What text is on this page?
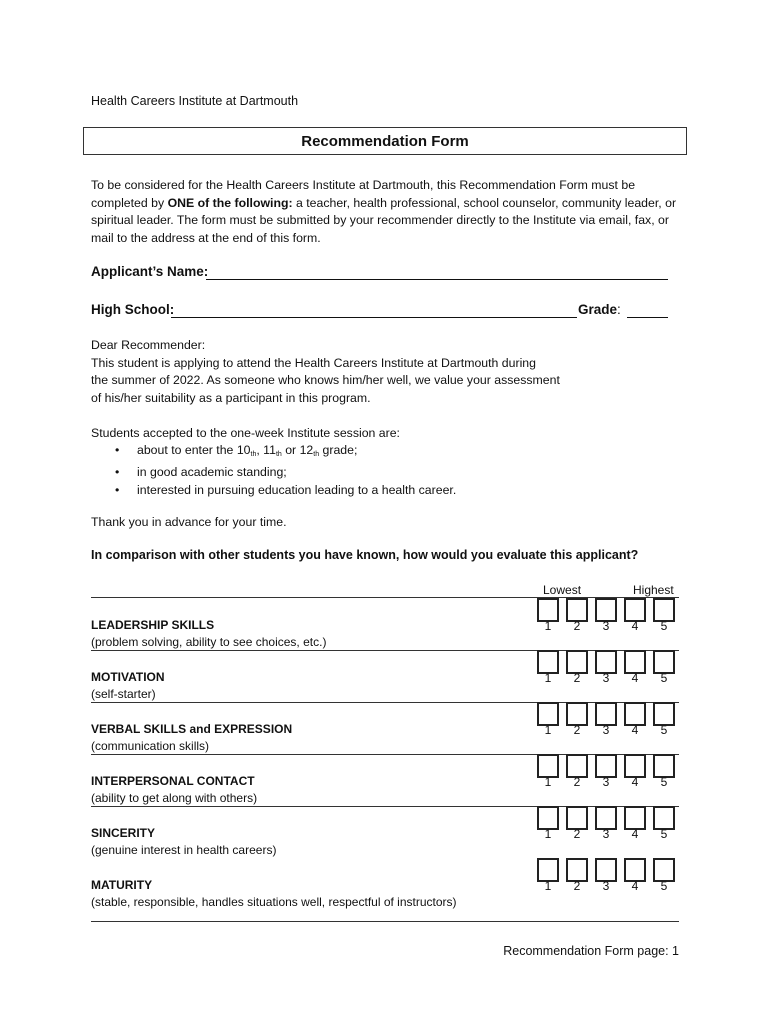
Health Careers Institute at Dartmouth
Recommendation Form
To be considered for the Health Careers Institute at Dartmouth, this Recommendation Form must be completed by ONE of the following: a teacher, health professional, school counselor, community leader, or spiritual leader. The form must be submitted by your recommender directly to the Institute via email, fax, or mail to the address at the end of this form.
Applicant’s Name:
High School:	Grade:
Dear Recommender:
This student is applying to attend the Health Careers Institute at Dartmouth during
the summer of 2022. As someone who knows him/her well, we value your assessment
of his/her suitability as a participant in this program.
Students accepted to the one-week Institute session are:
• about to enter the $10_{th}$, $11_{th}$ or $12_{th}$ grade;
• in good academic standing;
• interested in pursuing education leading to a health career.
Thank you in advance for your time.
In comparison with other students you have known, how would you evaluate this applicant?
Lowest	Highest
LEADERSHIP SKILLS
(problem solving, ability to see choices, etc.)
1 2 3 4 5
MOTIVATION
(self-starter)
1 2 3 4 5
VERBAL SKILLS and EXPRESSION
(communication skills)
1 2 3 4 5
INTERPERSONAL CONTACT
(ability to get along with others)
1 2 3 4 5
SINCERITY
(genuine interest in health careers)
1 2 3 4 5
MATURITY
(stable, responsible, handles situations well, respectful of instructors)
1 2 3 4 5
Recommendation Form page: 1
